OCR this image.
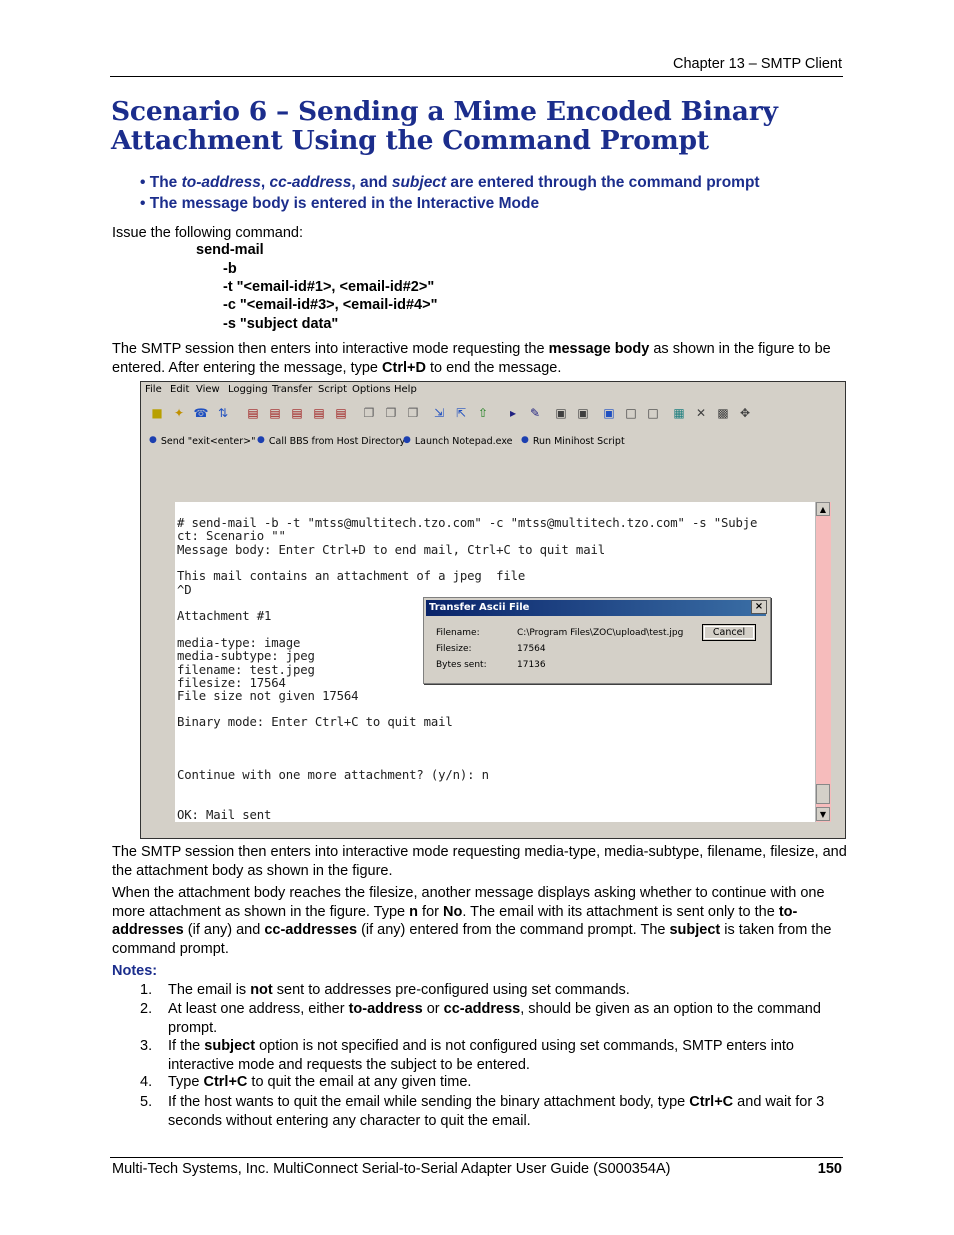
Chapter 13 – SMTP Client
Scenario 6 – Sending a Mime Encoded Binary Attachment Using the Command Prompt
• The to-address, cc-address, and subject are entered through the command prompt
• The message body is entered in the Interactive Mode
Issue the following command:
send-mail
-b
-t "<email-id#1>, <email-id#2>"
-c "<email-id#3>, <email-id#4>"
-s "subject data"
The SMTP session then enters into interactive mode requesting the message body as shown in the figure to be entered. After entering the message, type Ctrl+D to end the message.
File Edit View Logging Transfer Script Options Help
■ ✦ ☎ ⇅ ▤ ▤ ▤ ▤ ▤ ❐ ❐ ❐ ⇲ ⇱ ⇧	▸	✎ ▣ ▣ ▣ □ □ ▦ ✕ ▩ ✥
● Send "exit<enter>" ● Call BBS from Host Directory
● Launch Notepad.exe ● Run Minihost Script
# send-mail -b -t "mtss@multitech.tzo.com" -c "mtss@multitech.tzo.com" -s "Subje
ct: Scenario ""
Message body: Enter Ctrl+D to end mail, Ctrl+C to quit mail
This mail contains an attachment of a jpeg  file
^D
Attachment #1
media-type: image
media-subtype: jpeg
filename: test.jpeg
filesize: 17564
File size not given 17564
Binary mode: Enter Ctrl+C to quit mail
Continue with one more attachment? (y/n): n
OK: Mail sent
▲
▼
Transfer Ascii File	×
Filename:	C:\Program Files\ZOC\upload\test.jpg
Filesize:	17564
Bytes sent:	17136
Cancel
The SMTP session then enters into interactive mode requesting media-type, media-subtype, filename, filesize, and the attachment body as shown in the figure.
When the attachment body reaches the filesize, another message displays asking whether to continue with one more attachment as shown in the figure. Type n for No. The email with its attachment is sent only to the to-addresses (if any) and cc-addresses (if any) entered from the command prompt. The subject is taken from the command prompt.
Notes:
1. The email is not sent to addresses pre-configured using set commands.
2. At least one address, either to-address or cc-address, should be given as an option to the command prompt.
3. If the subject option is not specified and is not configured using set commands, SMTP enters into interactive mode and requests the subject to be entered.
4. Type Ctrl+C to quit the email at any given time.
5. If the host wants to quit the email while sending the binary attachment body, type Ctrl+C and wait for 3 seconds without entering any character to quit the email.
Multi-Tech Systems, Inc. MultiConnect Serial-to-Serial Adapter User Guide (S000354A)	150
